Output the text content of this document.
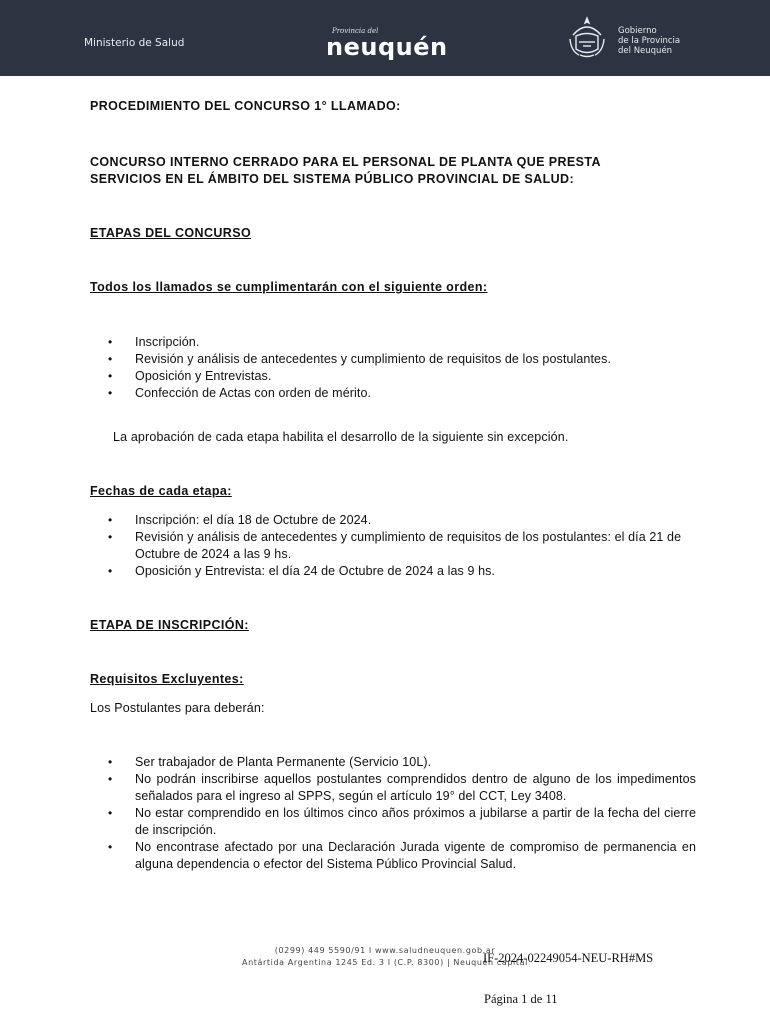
Ministerio de Salud
Provincia del
neuquén
Gobierno
de la Provincia
del Neuquén
PROCEDIMIENTO DEL CONCURSO 1° LLAMADO:
CONCURSO INTERNO CERRADO PARA EL PERSONAL DE PLANTA QUE PRESTA
SERVICIOS EN EL ÁMBITO DEL SISTEMA PÚBLICO PROVINCIAL DE SALUD:
ETAPAS DEL CONCURSO
Todos los llamados se cumplimentarán con el siguiente orden:
• Inscripción.
• Revisión y análisis de antecedentes y cumplimiento de requisitos de los postulantes.
• Oposición y Entrevistas.
• Confección de Actas con orden de mérito.
La aprobación de cada etapa habilita el desarrollo de la siguiente sin excepción.
Fechas de cada etapa:
• Inscripción: el día 18 de Octubre de 2024.
• Revisión y análisis de antecedentes y cumplimiento de requisitos de los postulantes: el día 21 de Octubre de 2024 a las 9 hs.
• Oposición y Entrevista: el día 24 de Octubre de 2024 a las 9 hs.
ETAPA DE INSCRIPCIÓN:
Requisitos Excluyentes:
Los Postulantes para deberán:
• Ser trabajador de Planta Permanente (Servicio 10L).
• No podrán inscribirse aquellos postulantes comprendidos dentro de alguno de los impedimentos señalados para el ingreso al SPPS, según el artículo 19° del CCT, Ley 3408.
• No estar comprendido en los últimos cinco años próximos a jubilarse a partir de la fecha del cierre de inscripción.
• No encontrase afectado por una Declaración Jurada vigente de compromiso de permanencia en alguna dependencia o efector del Sistema Público Provincial Salud.
(0299) 449 5590/91 I www.saludneuquen.gob.ar
Antártida Argentina 1245 Ed. 3 I (C.P. 8300) | Neuquén capital
IF-2024-02249054-NEU-RH#MS
Página 1 de 11
